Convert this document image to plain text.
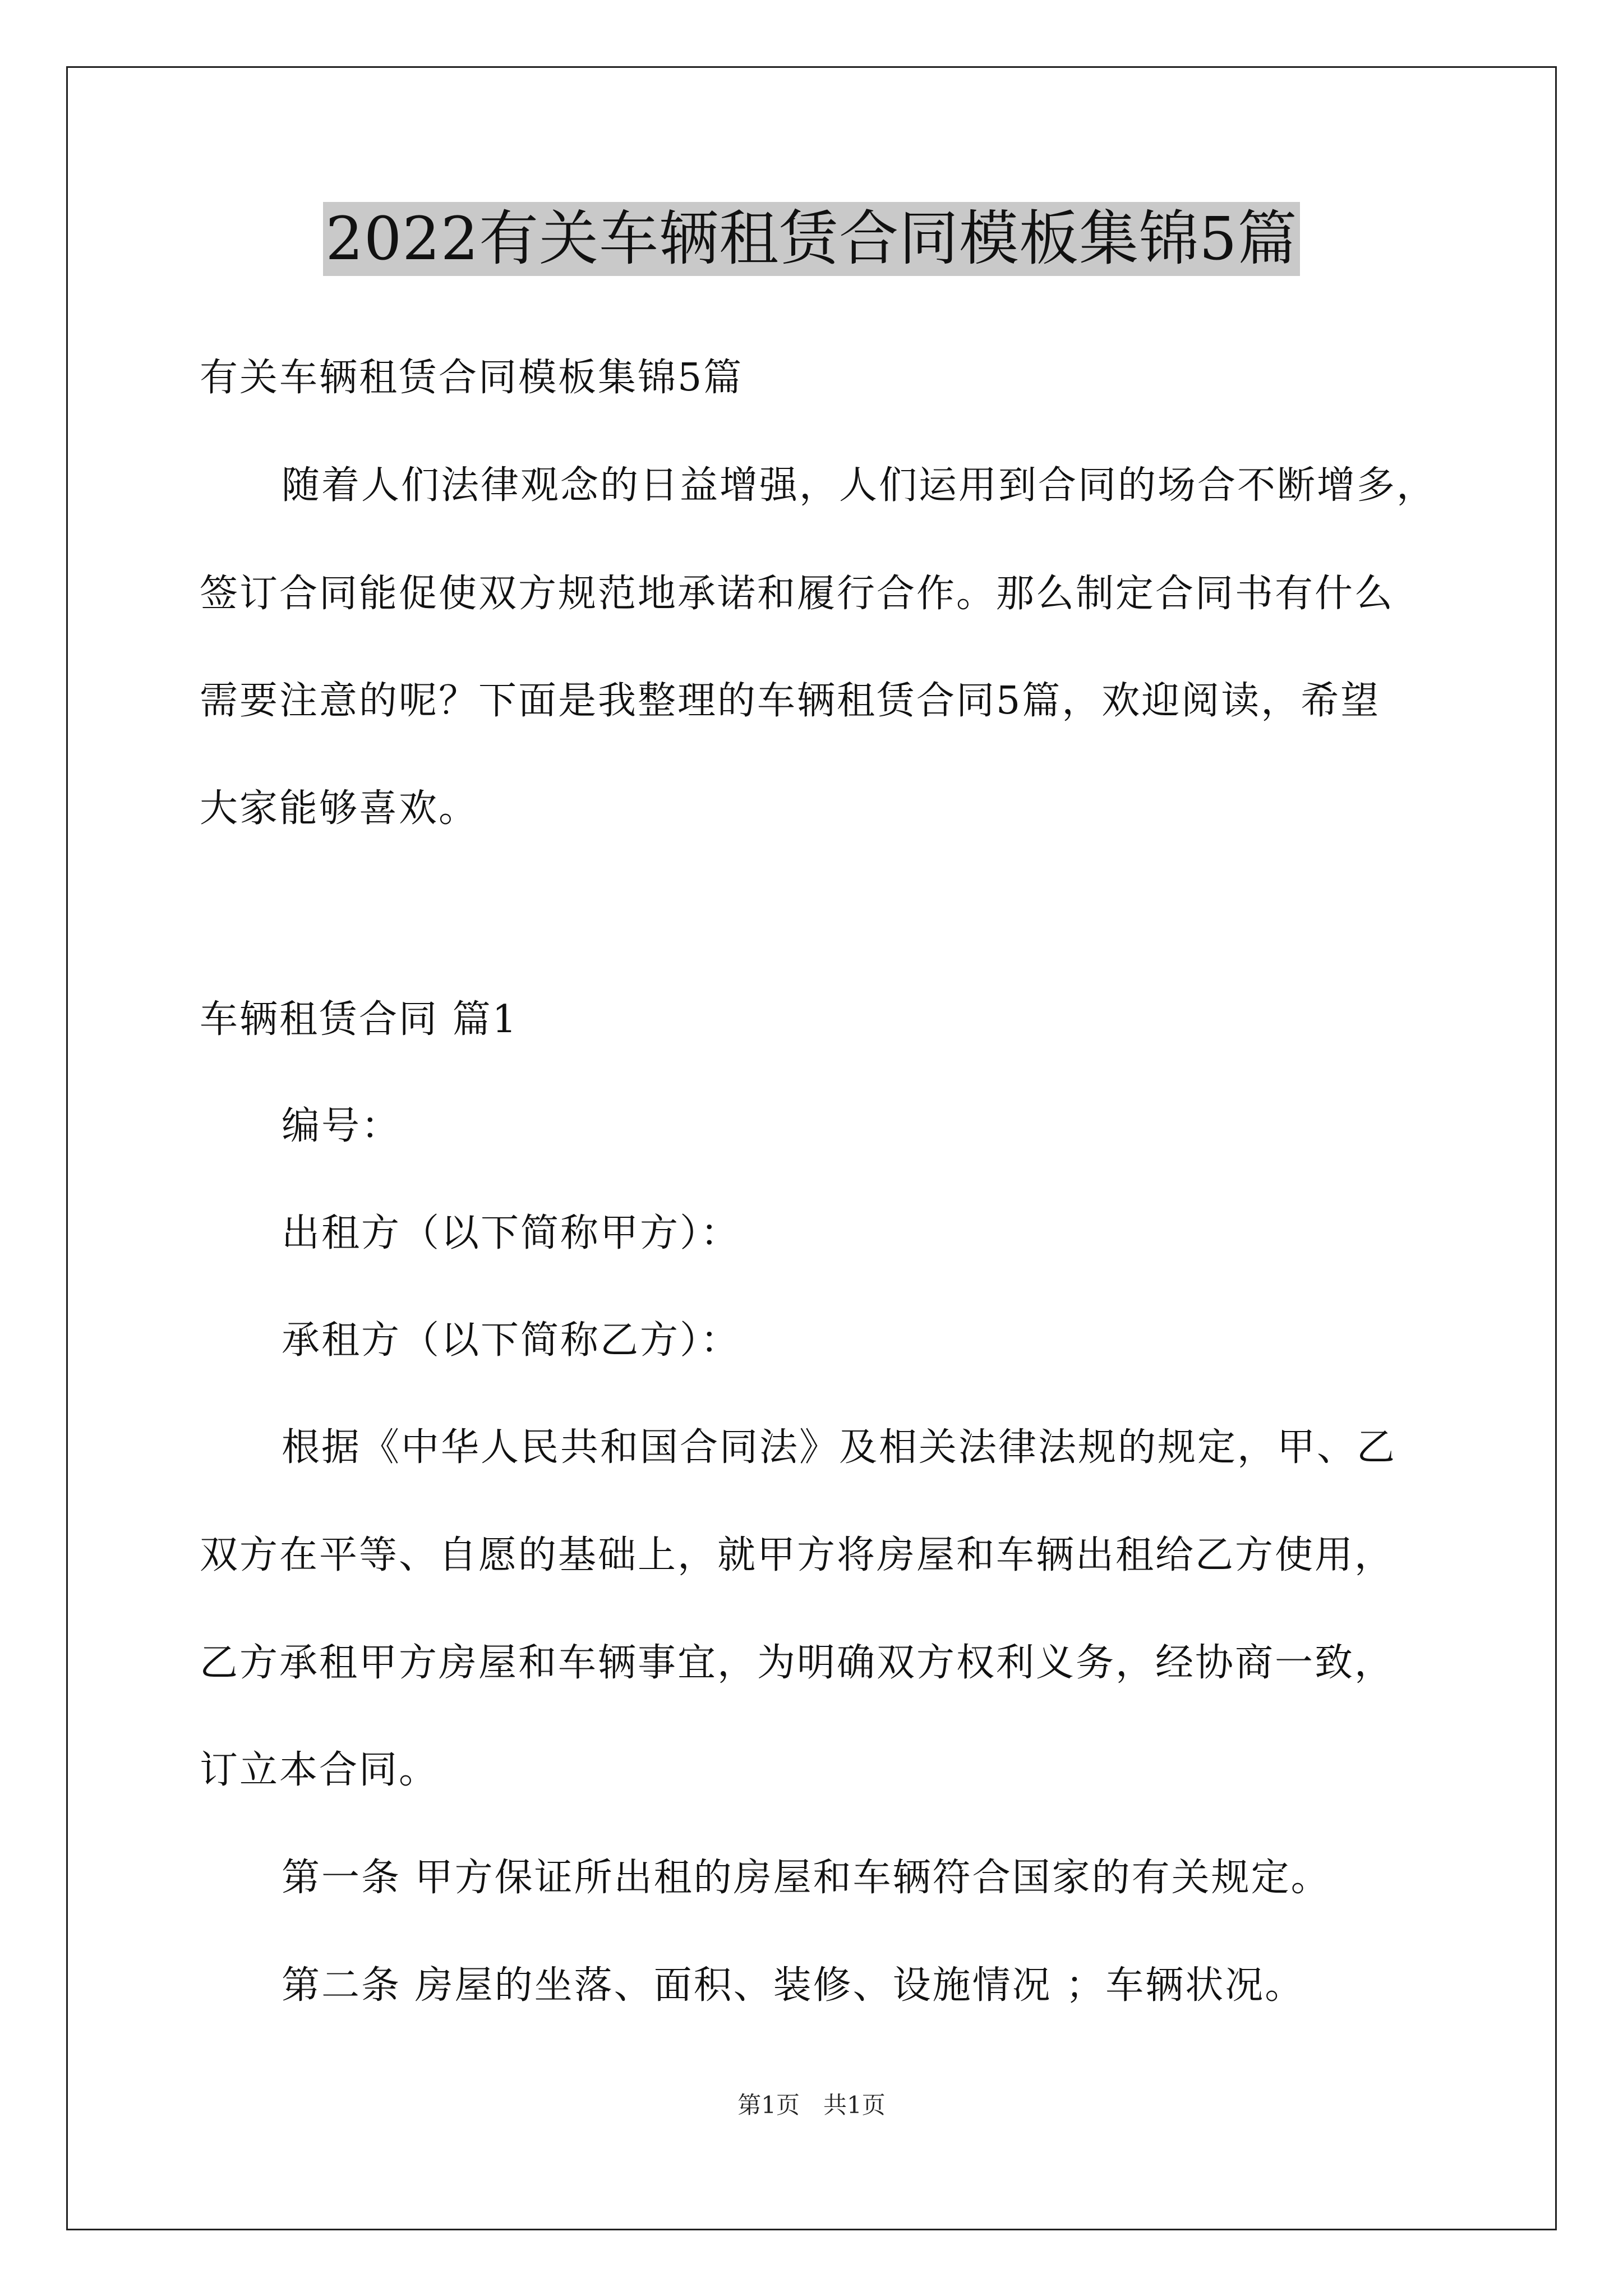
2022有关车辆租赁合同模板集锦5篇
有关车辆租赁合同模板集锦5篇
随着人们法律观念的日益增强，人们运用到合同的场合不断增多，
签订合同能促使双方规范地承诺和履行合作。那么制定合同书有什么
需要注意的呢？下面是我整理的车辆租赁合同5篇，欢迎阅读，希望
大家能够喜欢。
车辆租赁合同 篇1
编号：
出租方（以下简称甲方）：
承租方（以下简称乙方）：
根据《中华人民共和国合同法》及相关法律法规的规定，甲、乙
双方在平等、自愿的基础上，就甲方将房屋和车辆出租给乙方使用，
乙方承租甲方房屋和车辆事宜，为明确双方权利义务，经协商一致，
订立本合同。
第一条 甲方保证所出租的房屋和车辆符合国家的有关规定。
第二条 房屋的坐落、面积、装修、设施情况 ；车辆状况。
第1页　共1页
